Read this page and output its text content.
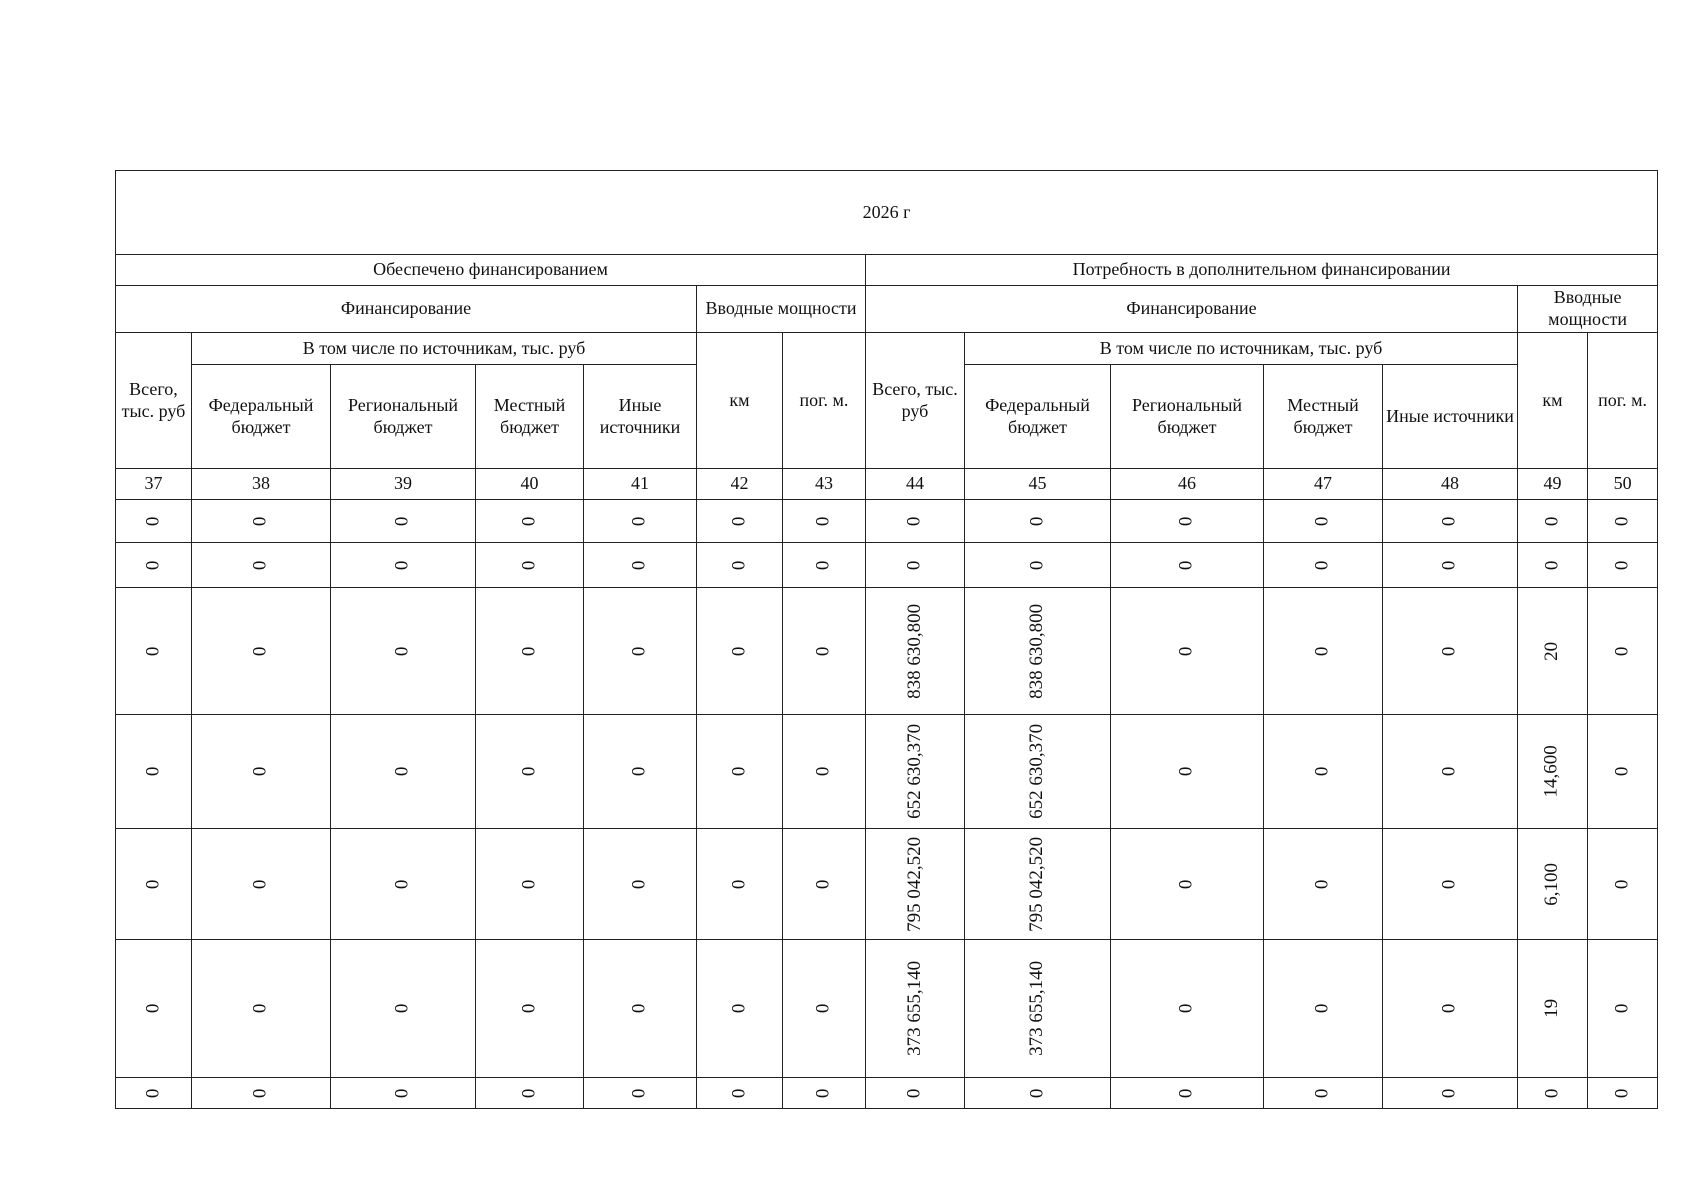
2026 г													
Обеспечено финансированием							Потребность в дополнительном финансировании						
Финансирование					Вводные мощности		Финансирование					Вводные мощности	
Всего, тыс. руб	В том числе по источникам, тыс. руб				км	пог. м.	Всего, тыс. руб	В том числе по источникам, тыс. руб				км	пог. м.
	Федеральный бюджет	Региональный бюджет	Местный бюджет	Иные источники				Федеральный бюджет	Региональный бюджет	Местный бюджет	Иные источники		
37	38	39	40	41	42	43	44	45	46	47	48	49	50
0	0	0	0	0	0	0	0	0	0	0	0	0	0
0	0	0	0	0	0	0	0	0	0	0	0	0	0
0	0	0	0	0	0	0	838 630,800	838 630,800	0	0	0	20	0
0	0	0	0	0	0	0	652 630,370	652 630,370	0	0	0	14,600	0
0	0	0	0	0	0	0	795 042,520	795 042,520	0	0	0	6,100	0
0	0	0	0	0	0	0	373 655,140	373 655,140	0	0	0	19	0
0	0	0	0	0	0	0	0	0	0	0	0	0	0
